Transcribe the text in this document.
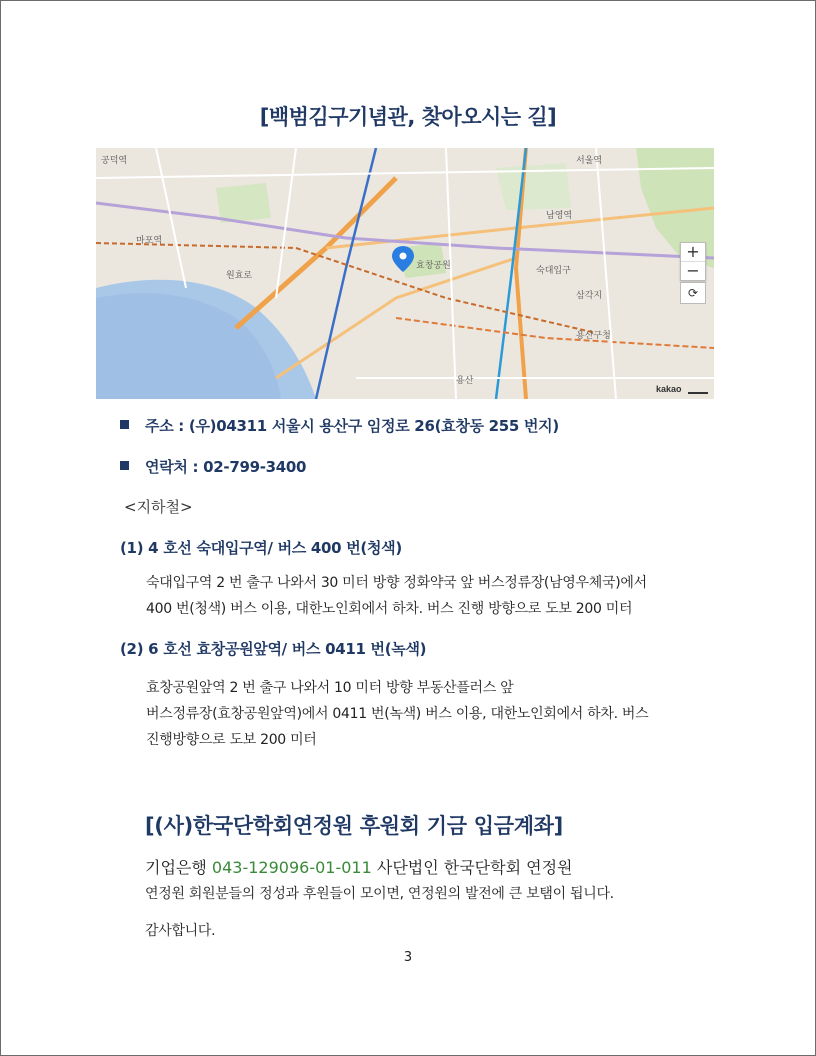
[백범김구기념관, 찾아오시는 길]
공덕역
마포역
효창공원	숙대입구
용산
남영역
원효로
서울역
용산구청
삼각지
+
−
⟳
kakao
주소 : (우)04311 서울시 용산구 임정로 26(효창동 255 번지)
연락처 : 02-799-3400
<지하철>
(1) 4 호선 숙대입구역/ 버스 400 번(청색)
숙대입구역 2 번 출구 나와서 30 미터 방향 정화약국 앞 버스정류장(남영우체국)에서
400 번(청색) 버스 이용, 대한노인회에서 하차. 버스 진행 방향으로 도보 200 미터
(2) 6 호선 효창공원앞역/ 버스 0411 번(녹색)
효창공원앞역 2 번 출구 나와서 10 미터 방향 부동산플러스 앞
버스정류장(효창공원앞역)에서 0411 번(녹색) 버스 이용, 대한노인회에서 하차. 버스
진행방향으로 도보 200 미터
[(사)한국단학회연정원 후원회 기금 입금계좌]
기업은행 043-129096-01-011 사단법인 한국단학회 연정원
연정원 회원분들의 정성과 후원들이 모이면, 연정원의 발전에 큰 보탬이 됩니다.
감사합니다.
3
